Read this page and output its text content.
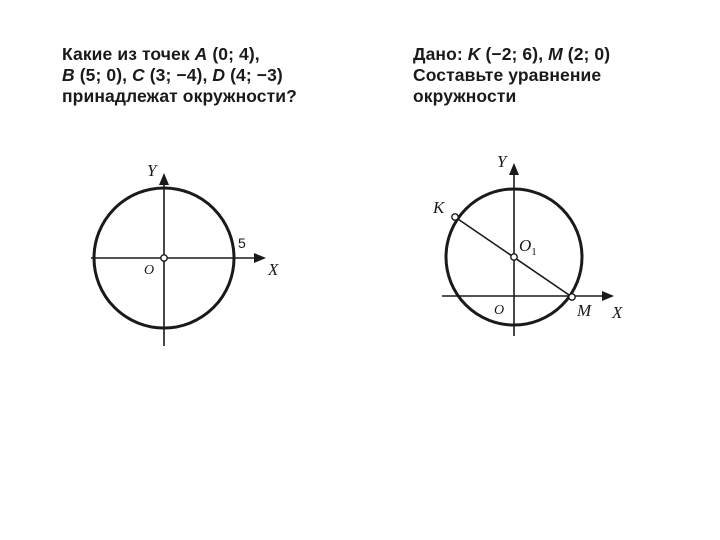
Какие из точек A (0; 4),
B (5; 0), C (3; −4), D (4; −3)
принадлежат окружности?
Дано: K (−2; 6), M (2; 0)
Составьте уравнение
окружности
Y
X
O
5
Y
X
O
$O_1$
K
M
